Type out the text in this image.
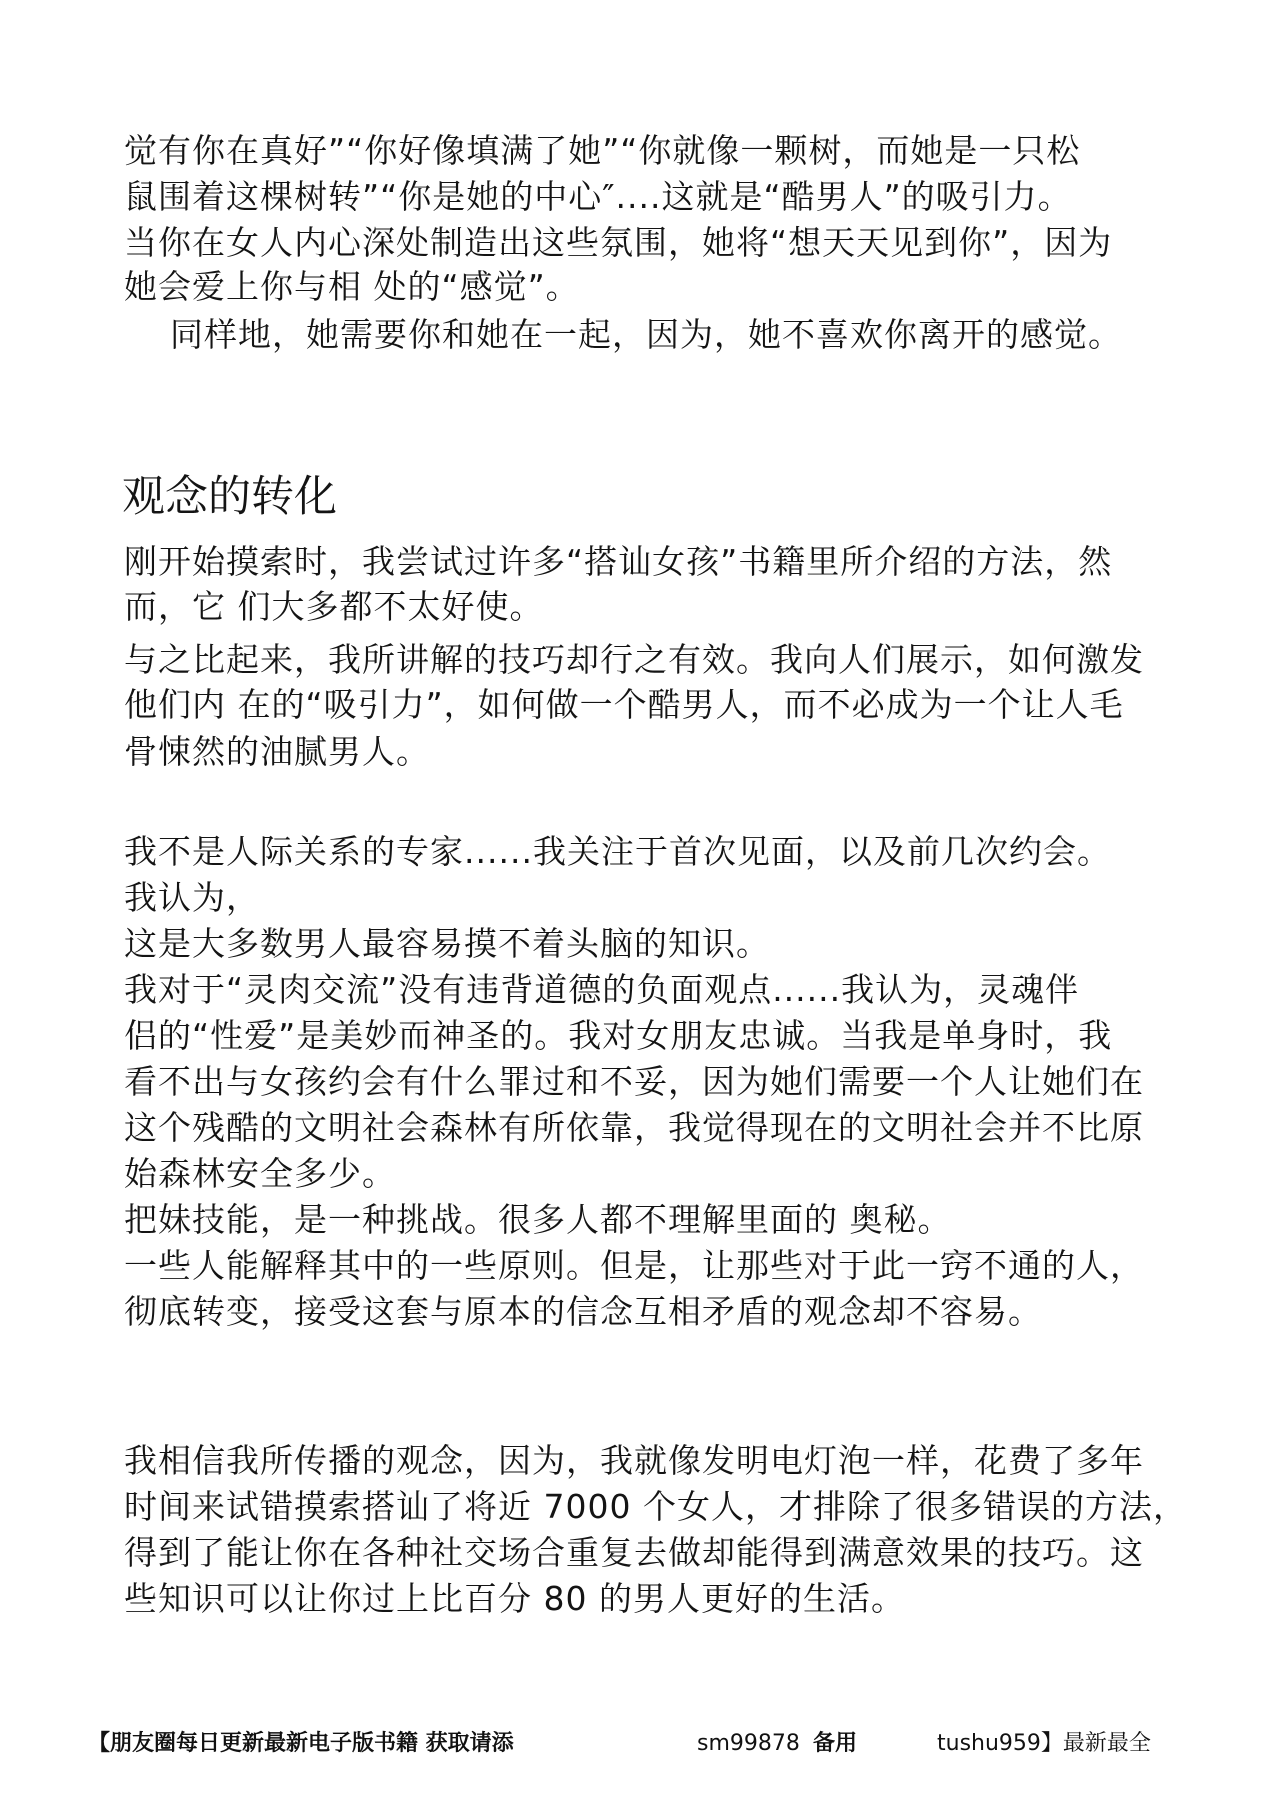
觉有你在真好”“你好像填满了她”“你就像一颗树，而她是一只松
鼠围着这棵树转”“你是她的中心″....这就是“酷男人”的吸引力。
当你在女人内心深处制造出这些氛围，她将“想天天见到你”，因为
她会爱上你与相 处的“感觉”。
同样地，她需要你和她在一起，因为，她不喜欢你离开的感觉。
观念的转化
刚开始摸索时，我尝试过许多“搭讪女孩”书籍里所介绍的方法，然
而，它 们大多都不太好使。
与之比起来，我所讲解的技巧却行之有效。我向人们展示，如何激发
他们内 在的“吸引力”，如何做一个酷男人，而不必成为一个让人毛
骨悚然的油腻男人。
我不是人际关系的专家......我关注于首次见面，以及前几次约会。
我认为，
这是大多数男人最容易摸不着头脑的知识。
我对于“灵肉交流”没有违背道德的负面观点......我认为，灵魂伴
侣的“性爱”是美妙而神圣的。我对女朋友忠诚。当我是单身时，我
看不出与女孩约会有什么罪过和不妥，因为她们需要一个人让她们在
这个残酷的文明社会森林有所依靠，我觉得现在的文明社会并不比原
始森林安全多少。
把妹技能，是一种挑战。很多人都不理解里面的 奥秘。
一些人能解释其中的一些原则。但是，让那些对于此一窍不通的人，
彻底转变，接受这套与原本的信念互相矛盾的观念却不容易。
我相信我所传播的观念，因为，我就像发明电灯泡一样，花费了多年
时间来试错摸索搭讪了将近 7000 个女人，才排除了很多错误的方法，
得到了能让你在各种社交场合重复去做却能得到满意效果的技巧。这
些知识可以让你过上比百分 80 的男人更好的生活。
【朋友圈每日更新最新电子版书籍 获取请添	sm99878 备用	tushu959】最新最全
